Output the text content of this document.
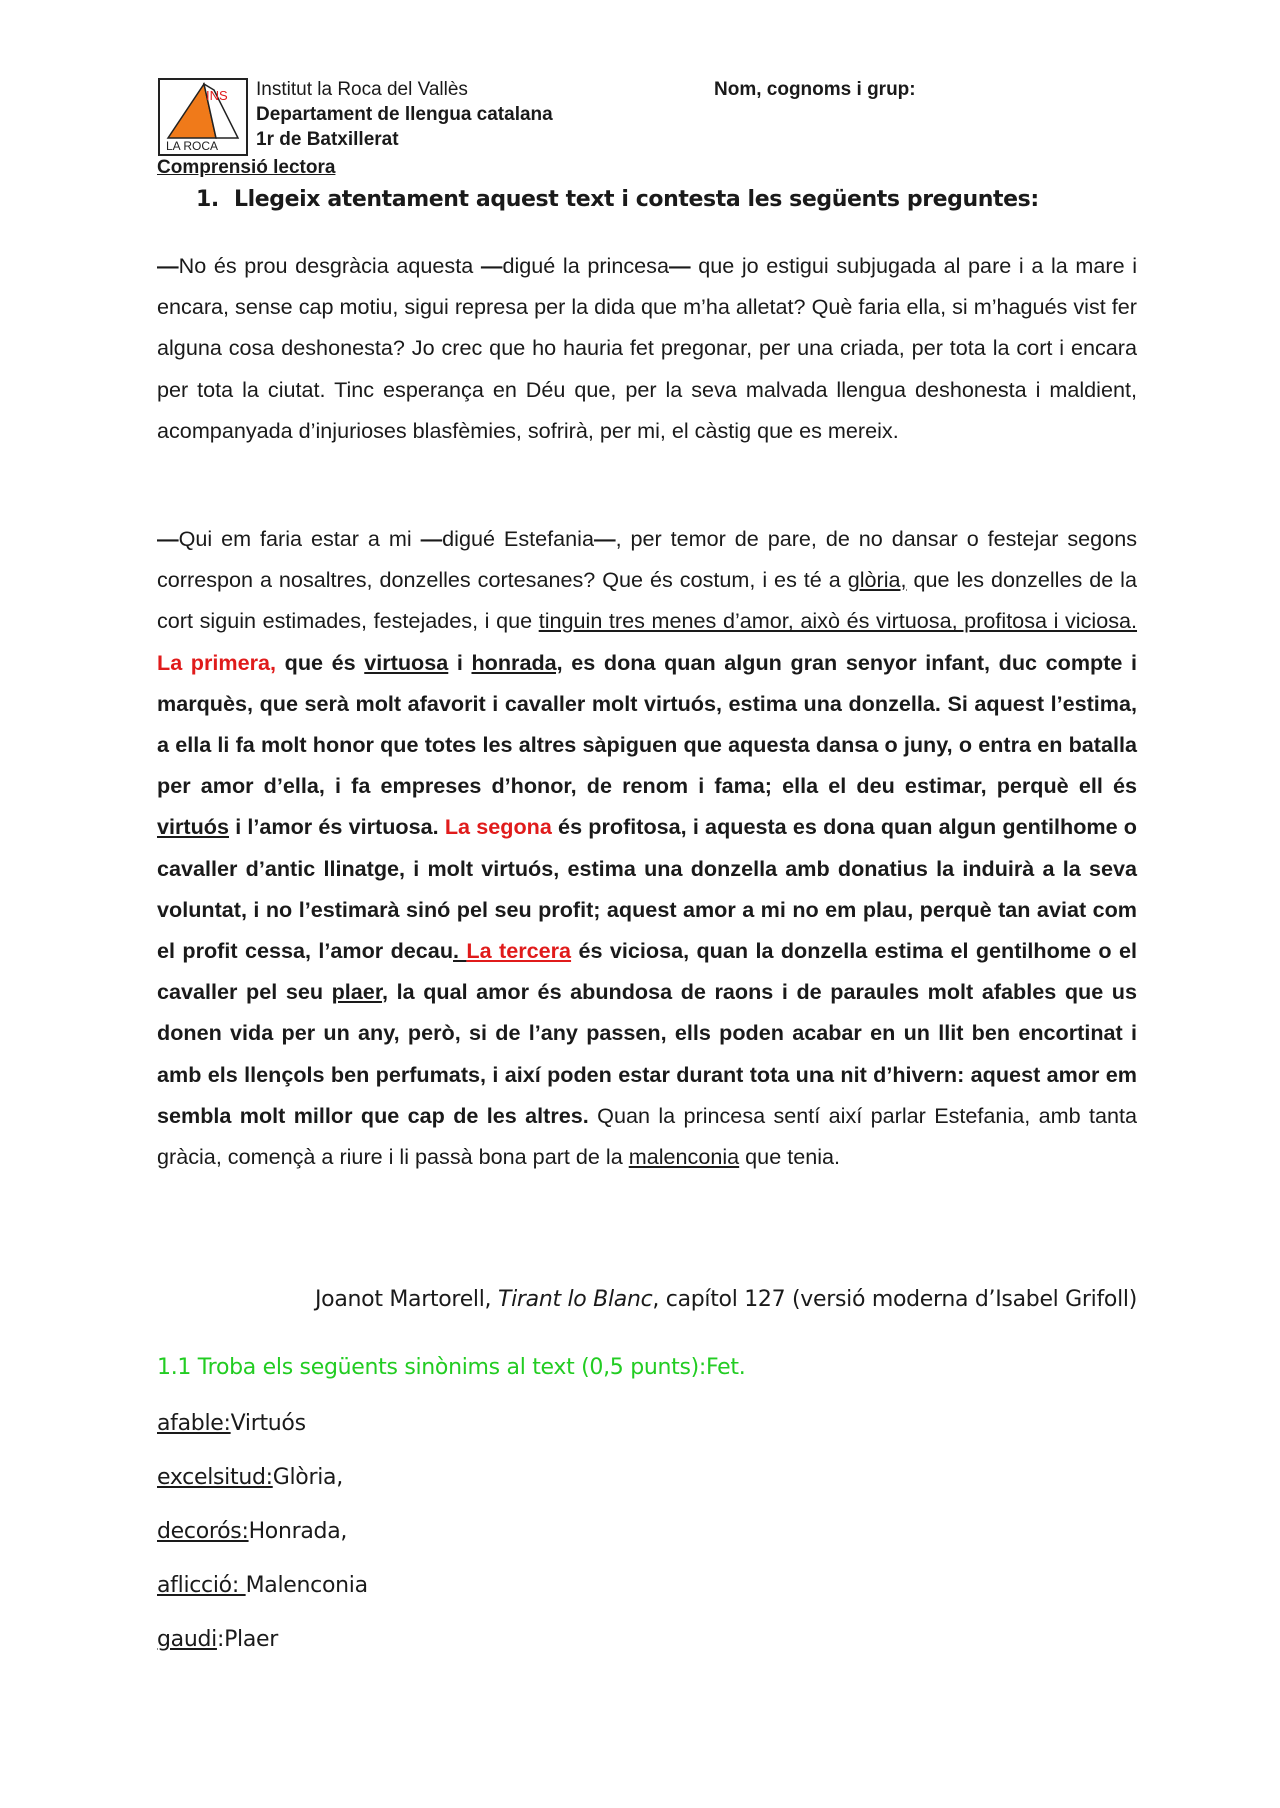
INS
LA ROCA
Institut la Roca del Vallès
Departament de llengua catalana
1r de Batxillerat
Nom, cognoms i grup:
Comprensió lectora
1. Llegeix atentament aquest text i contesta les següents preguntes:
—No és prou desgràcia aquesta —digué la princesa— que jo estigui subjugada al pare i a la mare i encara, sense cap motiu, sigui represa per la dida que m’ha alletat? Què faria ella, si m’hagués vist fer alguna cosa deshonesta? Jo crec que ho hauria fet pregonar, per una criada, per tota la cort i encara per tota la ciutat. Tinc esperança en Déu que, per la seva malvada llengua deshonesta i maldient, acompanyada d’injurioses blasfèmies, sofrirà, per mi, el càstig que es mereix.
—Qui em faria estar a mi —digué Estefania—, per temor de pare, de no dansar o festejar segons correspon a nosaltres, donzelles cortesanes? Que és costum, i es té a glòria, que les donzelles de la cort siguin estimades, festejades, i que tinguin tres menes d’amor, això és virtuosa, profitosa i viciosa. La primera, que és virtuosa i honrada, es dona quan algun gran senyor infant, duc compte i marquès, que serà molt afavorit i cavaller molt virtuós, estima una donzella. Si aquest l’estima, a ella li fa molt honor que totes les altres sàpiguen que aquesta dansa o juny, o entra en batalla per amor d’ella, i fa empreses d’honor, de renom i fama; ella el deu estimar, perquè ell és virtuós i l’amor és virtuosa. La segona és profitosa, i aquesta es dona quan algun gentilhome o cavaller d’antic llinatge, i molt virtuós, estima una donzella amb donatius la induirà a la seva voluntat, i no l’estimarà sinó pel seu profit; aquest amor a mi no em plau, perquè tan aviat com el profit cessa, l’amor decau. La tercera és viciosa, quan la donzella estima el gentilhome o el cavaller pel seu plaer, la qual amor és abundosa de raons i de paraules molt afables que us donen vida per un any, però, si de l’any passen, ells poden acabar en un llit ben encortinat i amb els llençols ben perfumats, i així poden estar durant tota una nit d’hivern: aquest amor em sembla molt millor que cap de les altres. Quan la princesa sentí així parlar Estefania, amb tanta gràcia, començà a riure i li passà bona part de la malenconia que tenia.
Joanot Martorell, Tirant lo Blanc, capítol 127 (versió moderna d’Isabel Grifoll)
1.1 Troba els següents sinònims al text (0,5 punts):Fet.
afable:Virtuós
excelsitud:Glòria,
decorós:Honrada,
aflicció: Malenconia
gaudi:Plaer
